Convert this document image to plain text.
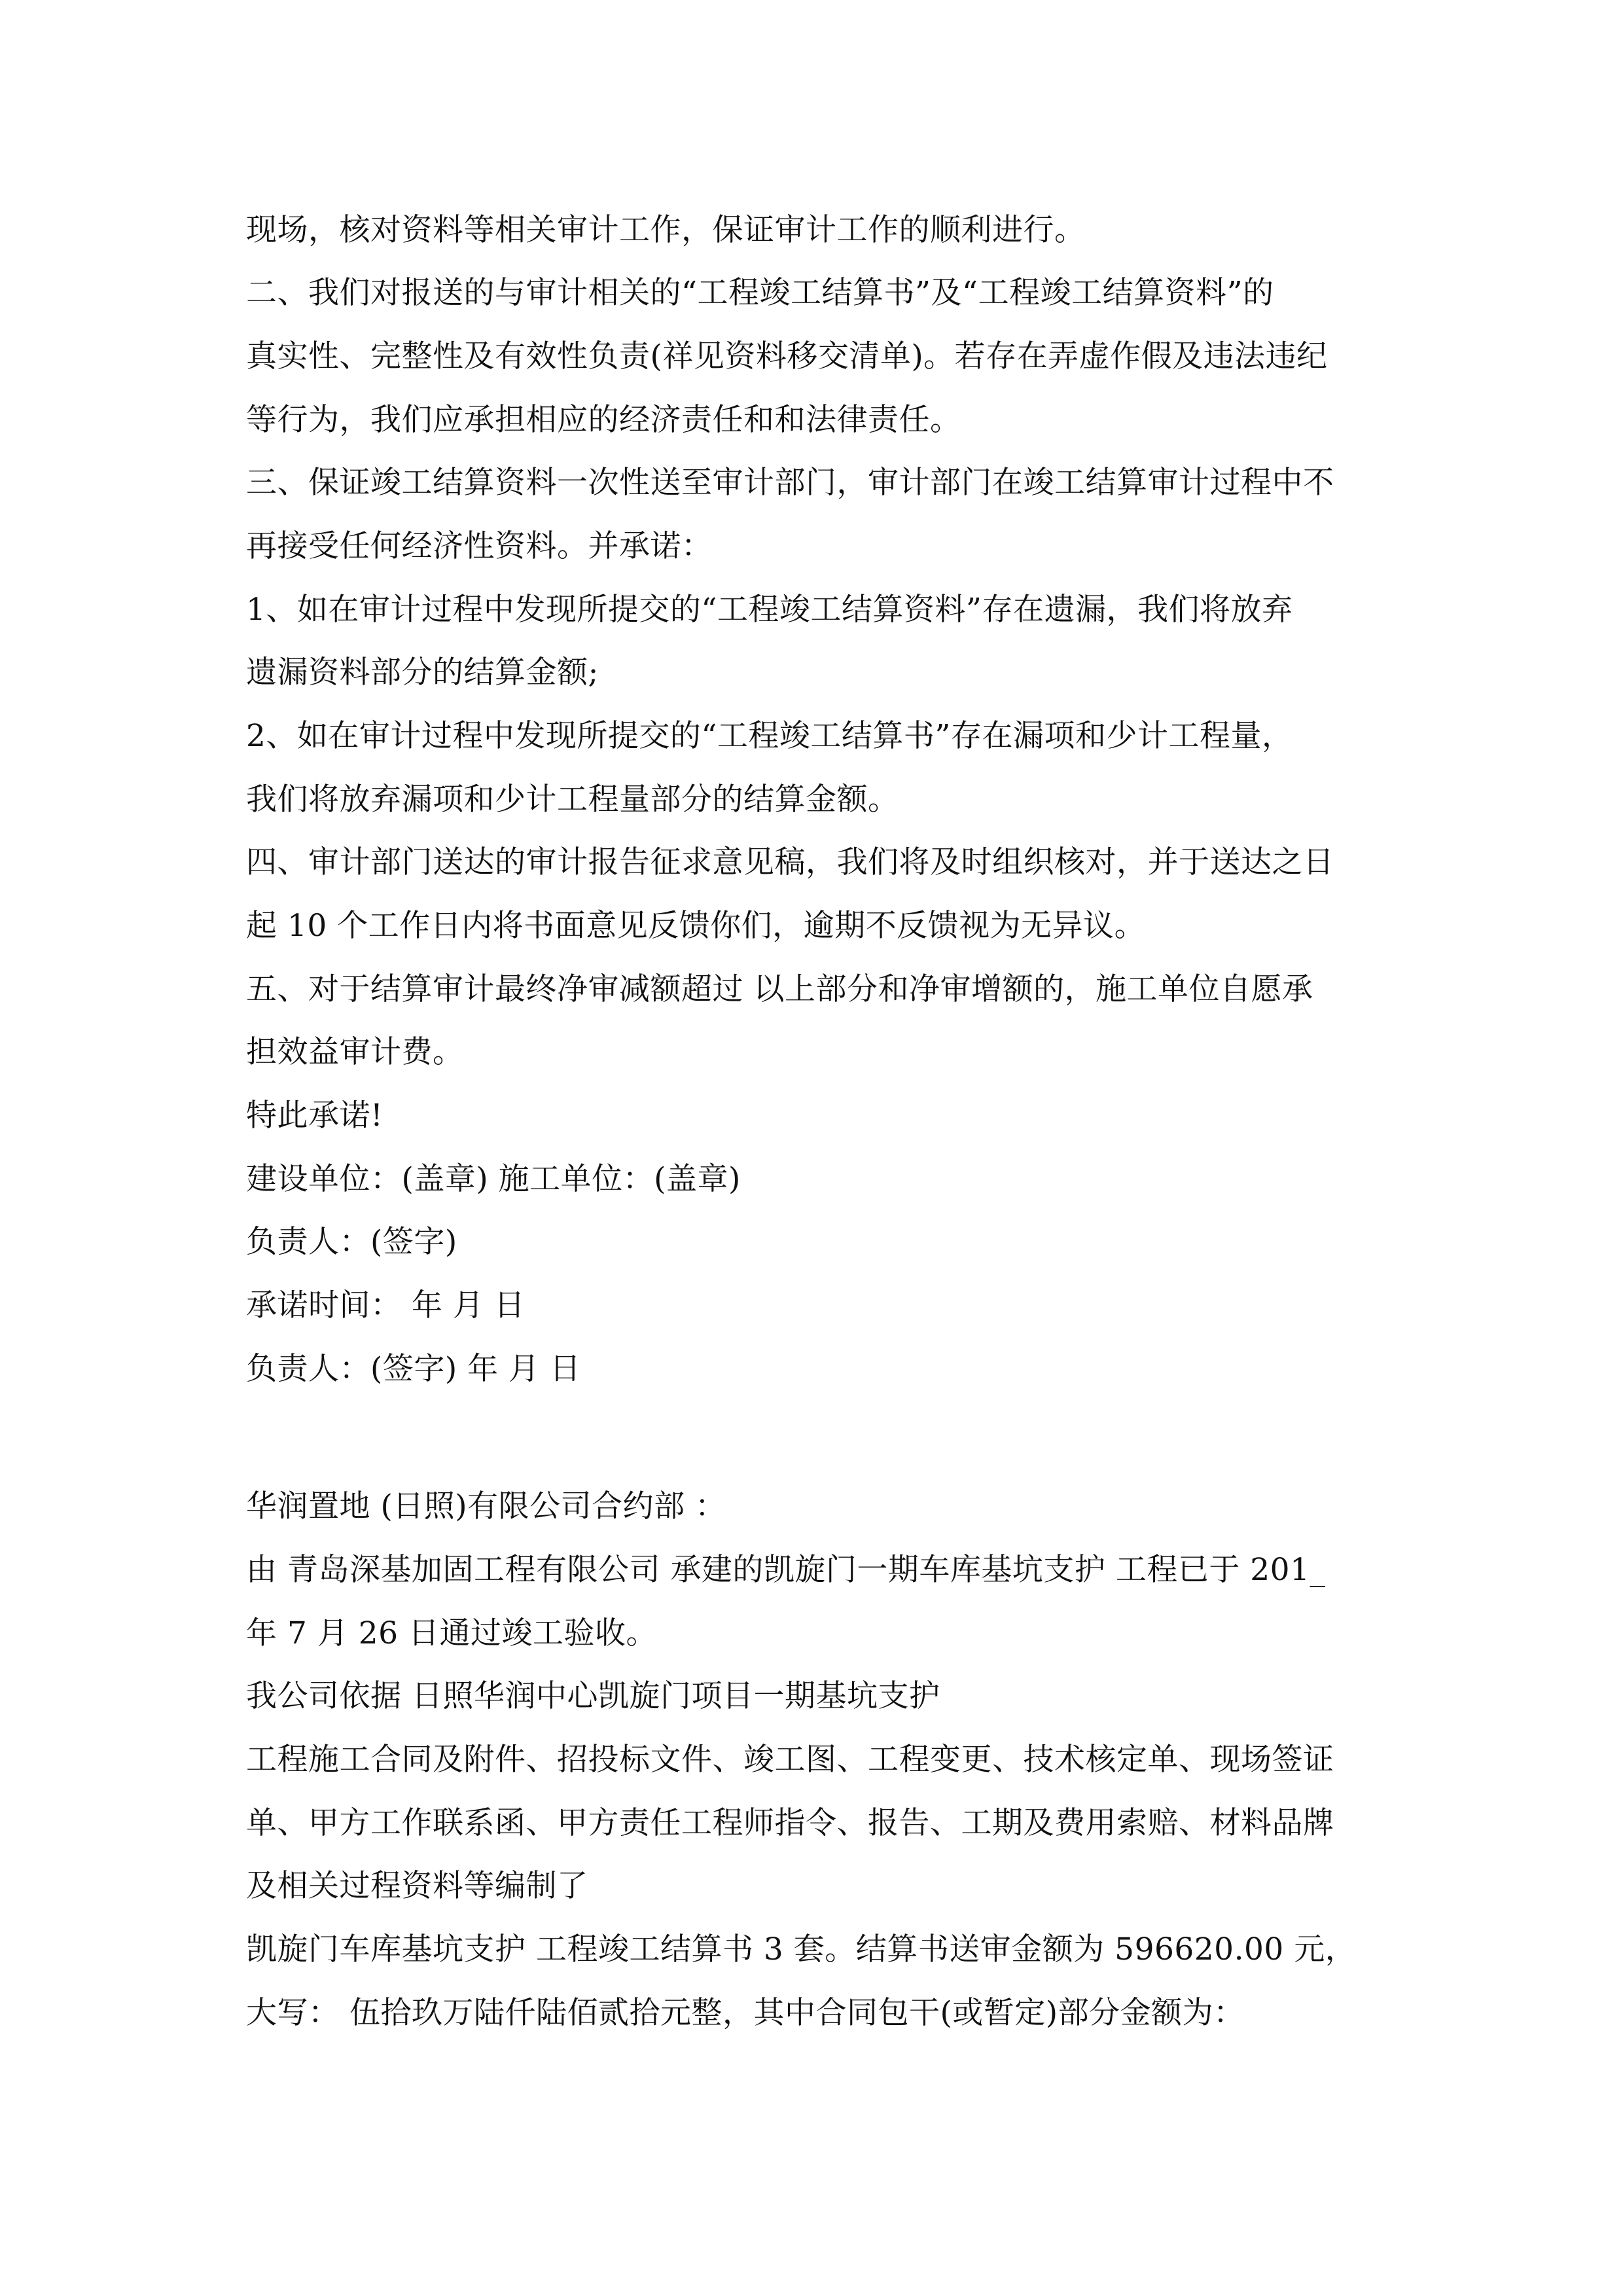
现场，核对资料等相关审计工作，保证审计工作的顺利进行。
二、我们对报送的与审计相关的“工程竣工结算书”及“工程竣工结算资料”的
真实性、完整性及有效性负责(祥见资料移交清单)。若存在弄虚作假及违法违纪
等行为，我们应承担相应的经济责任和和法律责任。
三、保证竣工结算资料一次性送至审计部门，审计部门在竣工结算审计过程中不
再接受任何经济性资料。并承诺：
1、如在审计过程中发现所提交的“工程竣工结算资料”存在遗漏，我们将放弃
遗漏资料部分的结算金额;
2、如在审计过程中发现所提交的“工程竣工结算书”存在漏项和少计工程量，
我们将放弃漏项和少计工程量部分的结算金额。
四、审计部门送达的审计报告征求意见稿，我们将及时组织核对，并于送达之日
起 10 个工作日内将书面意见反馈你们，逾期不反馈视为无异议。
五、对于结算审计最终净审减额超过 以上部分和净审增额的，施工单位自愿承
担效益审计费。
特此承诺!
建设单位：(盖章) 施工单位：(盖章)
负责人：(签字)
承诺时间： 年 月 日
负责人：(签字) 年 月 日
华润置地 (日照)有限公司合约部 ：
由 青岛深基加固工程有限公司 承建的凯旋门一期车库基坑支护 工程已于 201_
年 7 月 26 日通过竣工验收。
我公司依据 日照华润中心凯旋门项目一期基坑支护
工程施工合同及附件、招投标文件、竣工图、工程变更、技术核定单、现场签证
单、甲方工作联系函、甲方责任工程师指令、报告、工期及费用索赔、材料品牌
及相关过程资料等编制了
凯旋门车库基坑支护 工程竣工结算书 3 套。结算书送审金额为 596620.00 元，
大写： 伍拾玖万陆仟陆佰贰拾元整，其中合同包干(或暂定)部分金额为：
